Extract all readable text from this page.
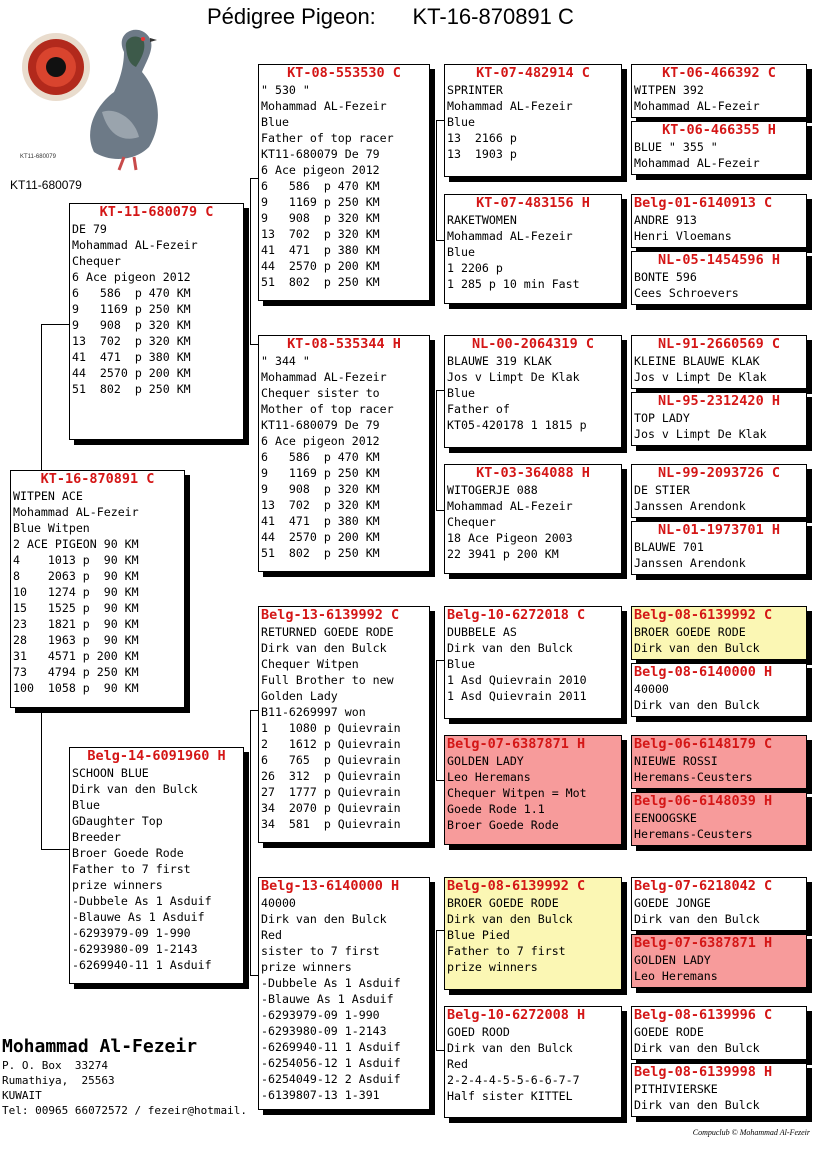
Pédigree Pigeon:      KT-16-870891 C
KT11-680079
KT11-680079
KT-16-870891 C
WITPEN ACE
Mohammad AL-Fezeir
Blue Witpen
2 ACE PIGEON 90 KM
4    1013 p  90 KM
8    2063 p  90 KM
10   1274 p  90 KM
15   1525 p  90 KM
23   1821 p  90 KM
28   1963 p  90 KM
31   4571 p 200 KM
73   4794 p 250 KM
100  1058 p  90 KM
KT-11-680079 C
DE 79
Mohammad AL-Fezeir
Chequer
6 Ace pigeon 2012
6   586  p 470 KM
9   1169 p 250 KM
9   908  p 320 KM
13  702  p 320 KM
41  471  p 380 KM
44  2570 p 200 KM
51  802  p 250 KM
Belg-14-6091960 H
SCHOON BLUE
Dirk van den Bulck
Blue
GDaughter Top
Breeder
Broer Goede Rode
Father to 7 first
prize winners
-Dubbele As 1 Asduif
-Blauwe As 1 Asduif
-6293979-09 1-990
-6293980-09 1-2143
-6269940-11 1 Asduif
KT-08-553530 C
" 530 "
Mohammad AL-Fezeir
Blue
Father of top racer
KT11-680079 De 79
6 Ace pigeon 2012
6   586  p 470 KM
9   1169 p 250 KM
9   908  p 320 KM
13  702  p 320 KM
41  471  p 380 KM
44  2570 p 200 KM
51  802  p 250 KM
KT-08-535344 H
" 344 "
Mohammad AL-Fezeir
Chequer sister to
Mother of top racer
KT11-680079 De 79
6 Ace pigeon 2012
6   586  p 470 KM
9   1169 p 250 KM
9   908  p 320 KM
13  702  p 320 KM
41  471  p 380 KM
44  2570 p 200 KM
51  802  p 250 KM
Belg-13-6139992 C
RETURNED GOEDE RODE
Dirk van den Bulck
Chequer Witpen
Full Brother to new
Golden Lady
B11-6269997 won
1   1080 p Quievrain
2   1612 p Quievrain
6   765  p Quievrain
26  312  p Quievrain
27  1777 p Quievrain
34  2070 p Quievrain
34  581  p Quievrain
Belg-13-6140000 H
40000
Dirk van den Bulck
Red
sister to 7 first
prize winners
-Dubbele As 1 Asduif
-Blauwe As 1 Asduif
-6293979-09 1-990
-6293980-09 1-2143
-6269940-11 1 Asduif
-6254056-12 1 Asduif
-6254049-12 2 Asduif
-6139807-13 1-391
KT-07-482914 C
SPRINTER
Mohammad AL-Fezeir
Blue
13  2166 p
13  1903 p
KT-07-483156 H
RAKETWOMEN
Mohammad AL-Fezeir
Blue
1 2206 p
1 285 p 10 min Fast
NL-00-2064319 C
BLAUWE 319 KLAK
Jos v Limpt De Klak
Blue
Father of
KT05-420178 1 1815 p
KT-03-364088 H
WITOGERJE 088
Mohammad AL-Fezeir
Chequer
18 Ace Pigeon 2003
22 3941 p 200 KM
Belg-10-6272018 C
DUBBELE AS
Dirk van den Bulck
Blue
1 Asd Quievrain 2010
1 Asd Quievrain 2011
Belg-07-6387871 H
GOLDEN LADY
Leo Heremans
Chequer Witpen = Mot
Goede Rode 1.1
Broer Goede Rode
Belg-08-6139992 C
BROER GOEDE RODE
Dirk van den Bulck
Blue Pied
Father to 7 first
prize winners
Belg-10-6272008 H
GOED ROOD
Dirk van den Bulck
Red
2-2-4-4-5-5-6-6-7-7
Half sister KITTEL
KT-06-466392 C
WITPEN 392
Mohammad AL-Fezeir
KT-06-466355 H
BLUE " 355 "
Mohammad AL-Fezeir
Belg-01-6140913 C
ANDRE 913
Henri Vloemans
NL-05-1454596 H
BONTE 596
Cees Schroevers
NL-91-2660569 C
KLEINE BLAUWE KLAK
Jos v Limpt De Klak
NL-95-2312420 H
TOP LADY
Jos v Limpt De Klak
NL-99-2093726 C
DE STIER
Janssen Arendonk
NL-01-1973701 H
BLAUWE 701
Janssen Arendonk
Belg-08-6139992 C
BROER GOEDE RODE
Dirk van den Bulck
Belg-08-6140000 H
40000
Dirk van den Bulck
Belg-06-6148179 C
NIEUWE ROSSI
Heremans-Ceusters
Belg-06-6148039 H
EENOOGSKE
Heremans-Ceusters
Belg-07-6218042 C
GOEDE JONGE
Dirk van den Bulck
Belg-07-6387871 H
GOLDEN LADY
Leo Heremans
Belg-08-6139996 C
GOEDE RODE
Dirk van den Bulck
Belg-08-6139998 H
PITHIVIERSKE
Dirk van den Bulck
Mohammad Al-Fezeir
P. O. Box  33274
Rumathiya,  25563
KUWAIT
Tel: 00965 66072572 / fezeir@hotmail.
Compuclub © Mohammad Al-Fezeir
